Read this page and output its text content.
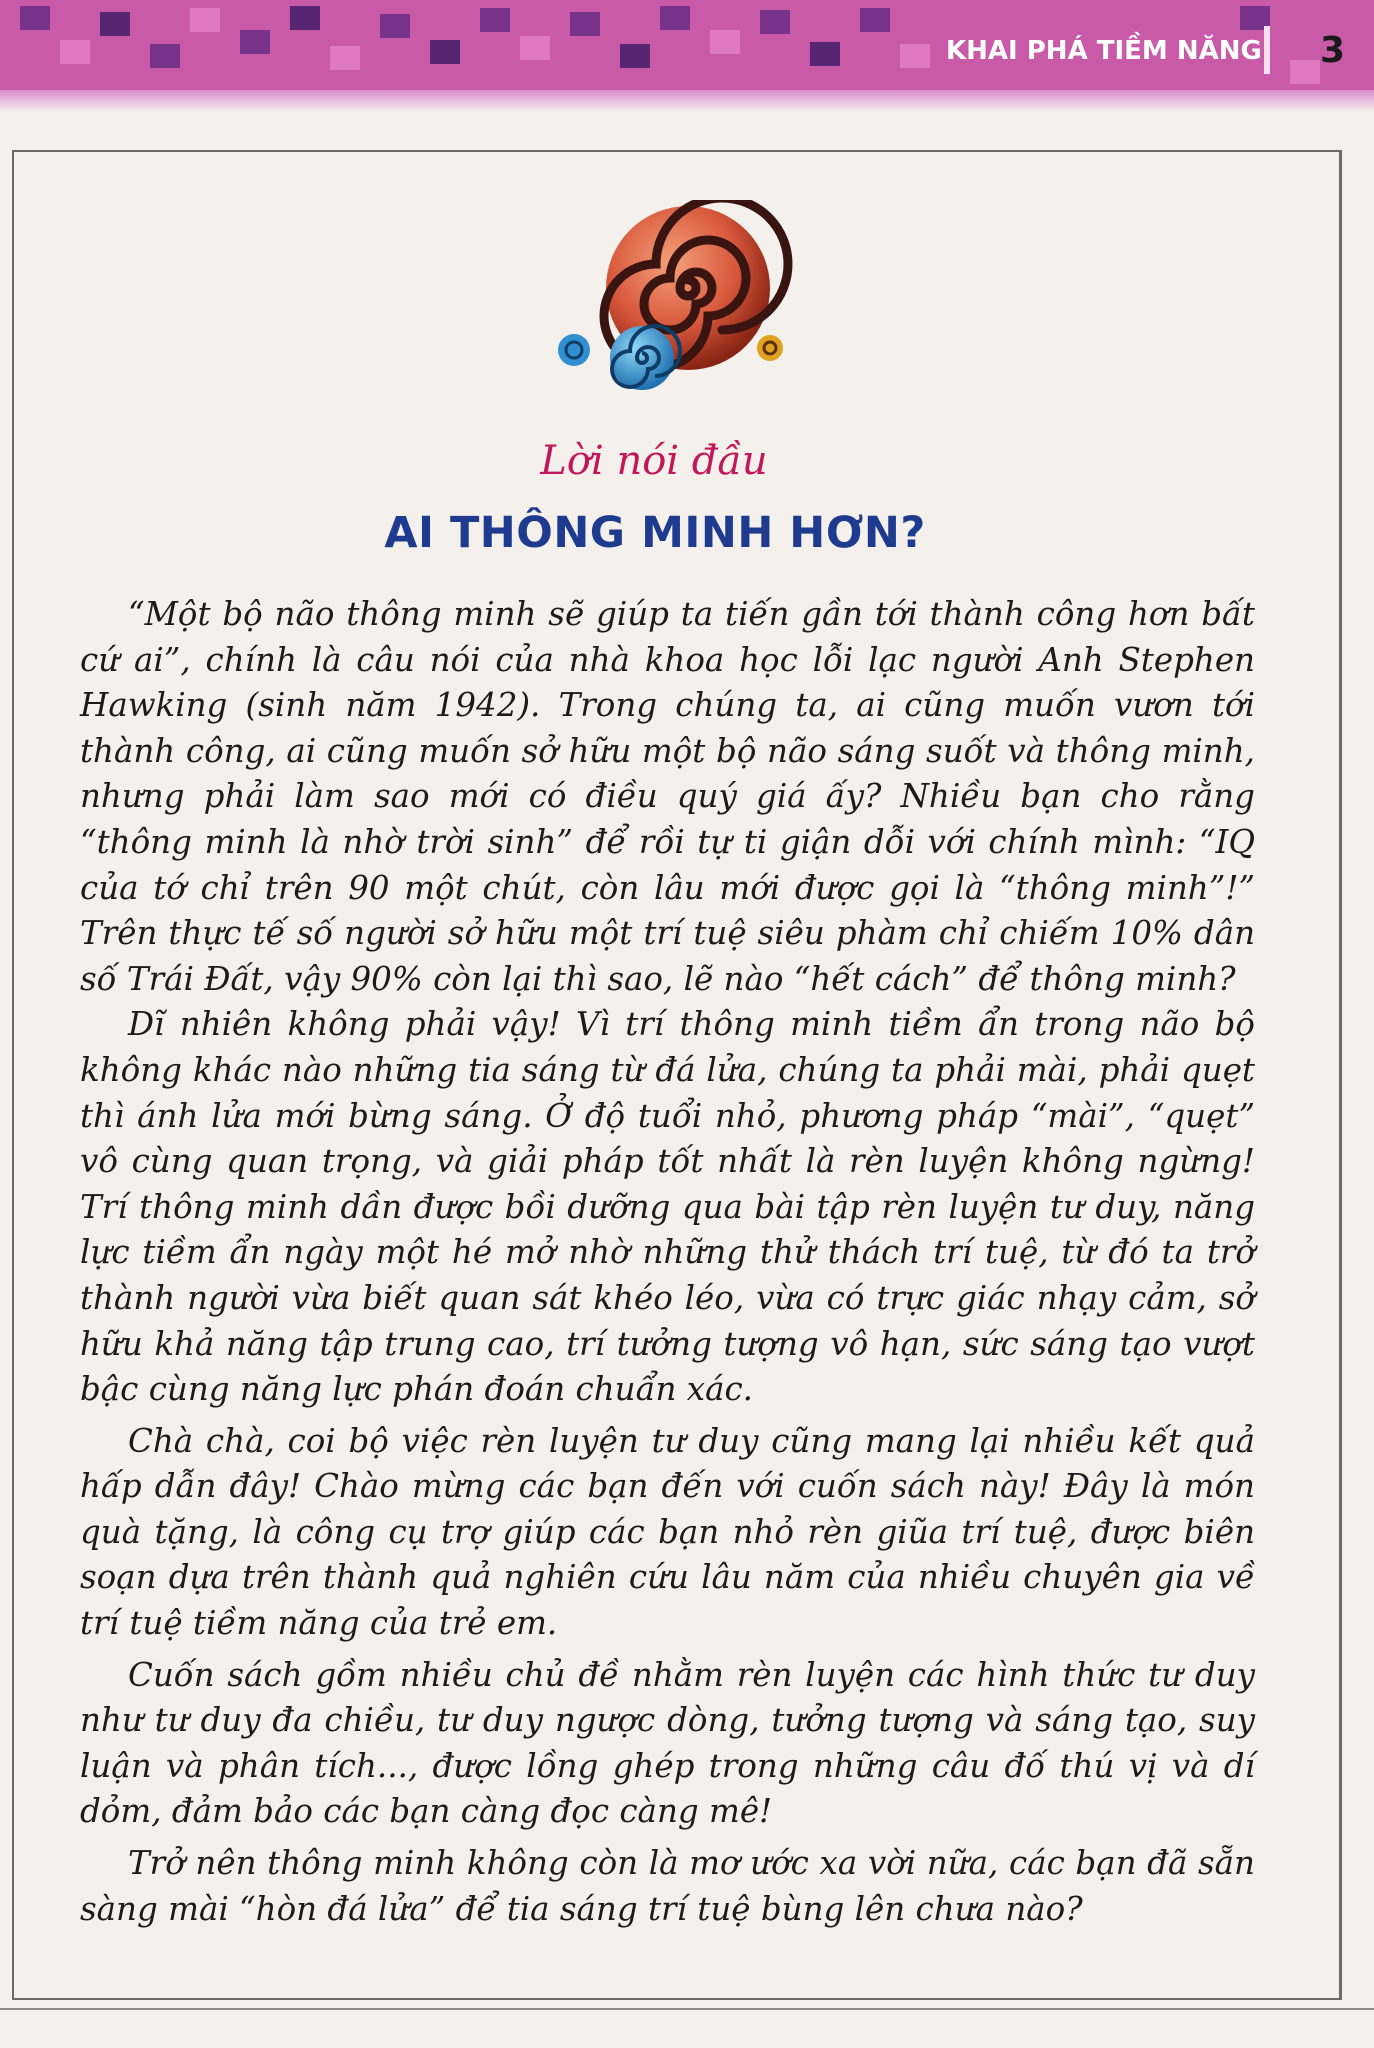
KHAI PHÁ TIỀM NĂNG 3
Lời nói đầu
AI THÔNG MINH HƠN?

“Một bộ não thông minh sẽ giúp ta tiến gần tới thành công hơn bất cứ ai”, chính là câu nói của nhà khoa học lỗi lạc người Anh Stephen Hawking (sinh năm 1942). Trong chúng ta, ai cũng muốn vươn tới thành công, ai cũng muốn sở hữu một bộ não sáng suốt và thông minh, nhưng phải làm sao mới có điều quý giá ấy? Nhiều bạn cho rằng “thông minh là nhờ trời sinh” để rồi tự ti giận dỗi với chính mình: “IQ của tớ chỉ trên 90 một chút, còn lâu mới được gọi là “thông minh”!” Trên thực tế số người sở hữu một trí tuệ siêu phàm chỉ chiếm 10% dân số Trái Đất, vậy 90% còn lại thì sao, lẽ nào “hết cách” để thông minh?

Dĩ nhiên không phải vậy! Vì trí thông minh tiềm ẩn trong não bộ không khác nào những tia sáng từ đá lửa, chúng ta phải mài, phải quẹt thì ánh lửa mới bừng sáng. Ở độ tuổi nhỏ, phương pháp “mài”, “quẹt” vô cùng quan trọng, và giải pháp tốt nhất là rèn luyện không ngừng! Trí thông minh dần được bồi dưỡng qua bài tập rèn luyện tư duy, năng lực tiềm ẩn ngày một hé mở nhờ những thử thách trí tuệ, từ đó ta trở thành người vừa biết quan sát khéo léo, vừa có trực giác nhạy cảm, sở hữu khả năng tập trung cao, trí tưởng tượng vô hạn, sức sáng tạo vượt bậc cùng năng lực phán đoán chuẩn xác.

Chà chà, coi bộ việc rèn luyện tư duy cũng mang lại nhiều kết quả hấp dẫn đây! Chào mừng các bạn đến với cuốn sách này! Đây là món quà tặng, là công cụ trợ giúp các bạn nhỏ rèn giũa trí tuệ, được biên soạn dựa trên thành quả nghiên cứu lâu năm của nhiều chuyên gia về trí tuệ tiềm năng của trẻ em.

Cuốn sách gồm nhiều chủ đề nhằm rèn luyện các hình thức tư duy như tư duy đa chiều, tư duy ngược dòng, tưởng tượng và sáng tạo, suy luận và phân tích..., được lồng ghép trong những câu đố thú vị và dí dỏm, đảm bảo các bạn càng đọc càng mê!

Trở nên thông minh không còn là mơ ước xa vời nữa, các bạn đã sẵn sàng mài “hòn đá lửa” để tia sáng trí tuệ bùng lên chưa nào?
